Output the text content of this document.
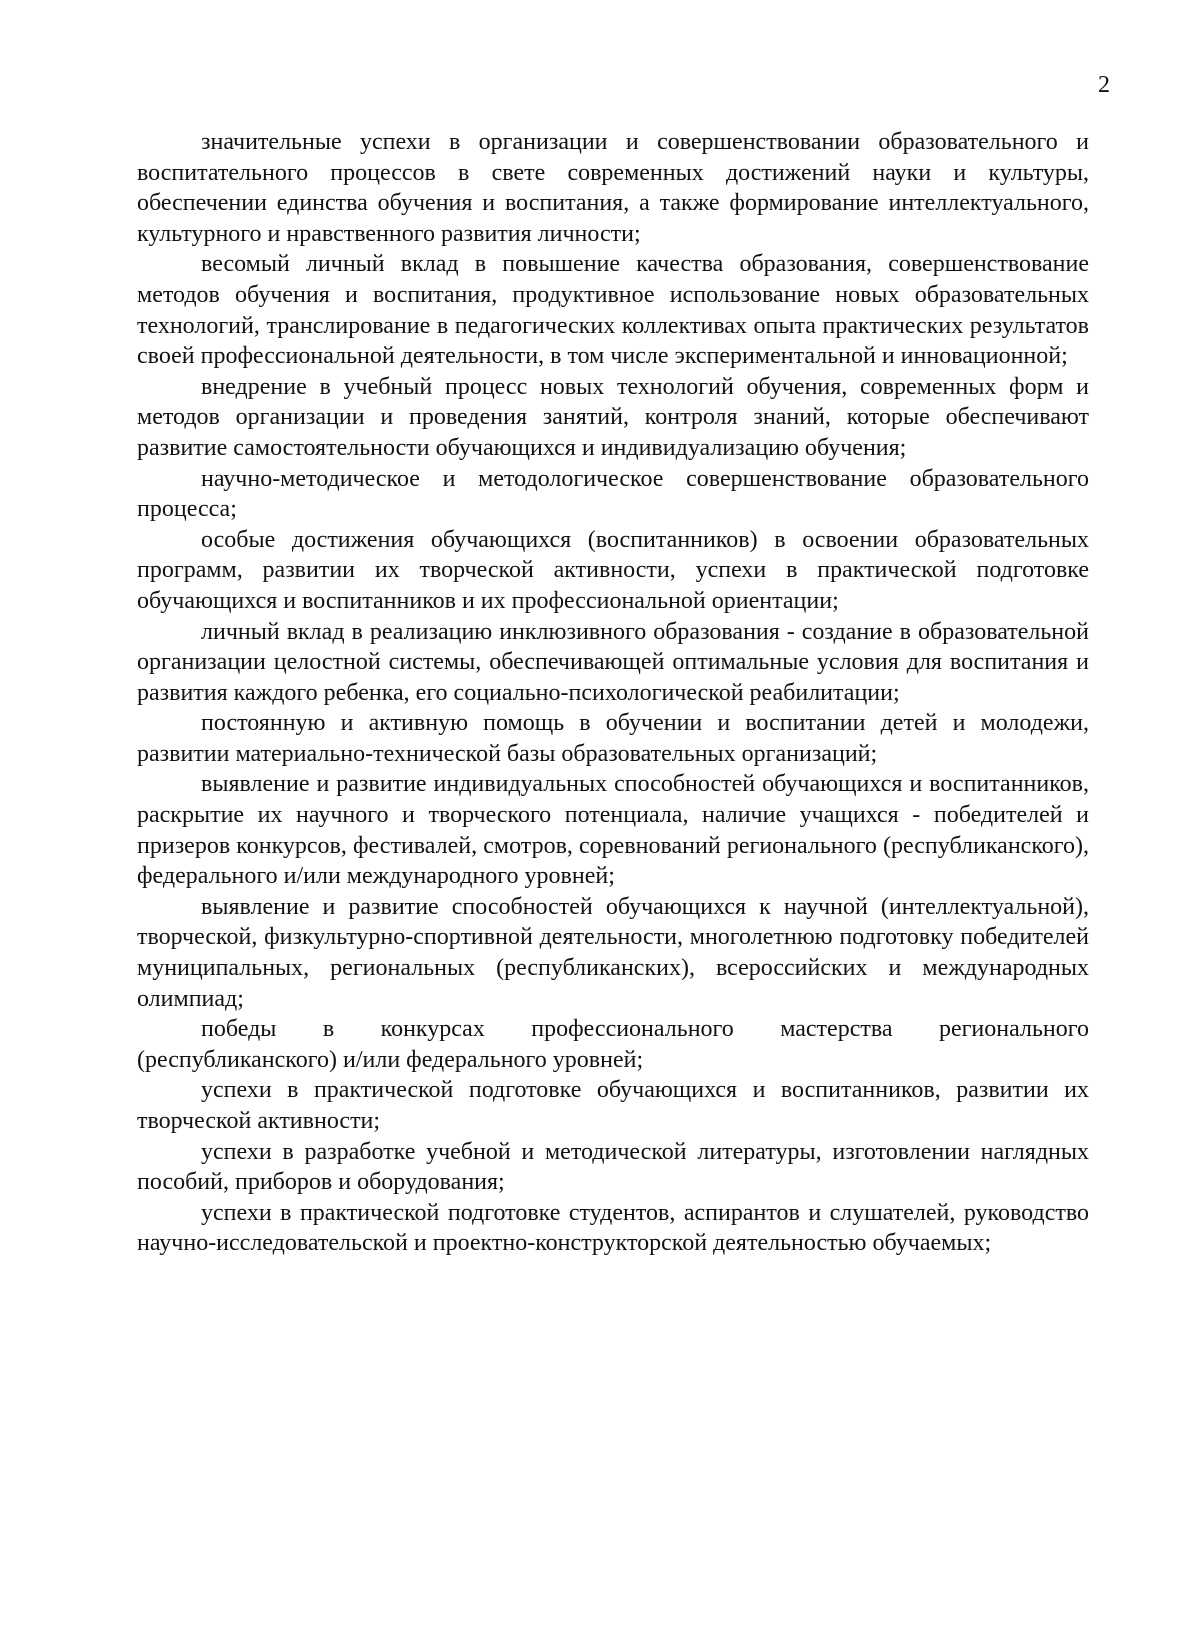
2

значительные успехи в организации и совершенствовании образовательного и воспитательного процессов в свете современных достижений науки и культуры, обеспечении единства обучения и воспитания, а также формирование интеллектуального, культурного и нравственного развития личности;

весомый личный вклад в повышение качества образования, совершенствование методов обучения и воспитания, продуктивное использование новых образовательных технологий, транслирование в педагогических коллективах опыта практических результатов своей профессиональной деятельности, в том числе экспериментальной и инновационной;

внедрение в учебный процесс новых технологий обучения, современных форм и методов организации и проведения занятий, контроля знаний, которые обеспечивают развитие самостоятельности обучающихся и индивидуализацию обучения;

научно-методическое и методологическое совершенствование образовательного процесса;

особые достижения обучающихся (воспитанников) в освоении образовательных программ, развитии их творческой активности, успехи в практической подготовке обучающихся и воспитанников и их профессиональной ориентации;

личный вклад в реализацию инклюзивного образования - создание в образовательной организации целостной системы, обеспечивающей оптимальные условия для воспитания и развития каждого ребенка, его социально-психологической реабилитации;

постоянную и активную помощь в обучении и воспитании детей и молодежи, развитии материально-технической базы образовательных организаций;

выявление и развитие индивидуальных способностей обучающихся и воспитанников, раскрытие их научного и творческого потенциала, наличие учащихся - победителей и призеров конкурсов, фестивалей, смотров, соревнований регионального (республиканского), федерального и/или международного уровней;

выявление и развитие способностей обучающихся к научной (интеллектуальной), творческой, физкультурно-спортивной деятельности, многолетнюю подготовку победителей муниципальных, региональных (республиканских), всероссийских и международных олимпиад;

победы в конкурсах профессионального мастерства регионального (республиканского) и/или федерального уровней;

успехи в практической подготовке обучающихся и воспитанников, развитии их творческой активности;

успехи в разработке учебной и методической литературы, изготовлении наглядных пособий, приборов и оборудования;

успехи в практической подготовке студентов, аспирантов и слушателей, руководство научно-исследовательской и проектно-конструкторской деятельностью обучаемых;
